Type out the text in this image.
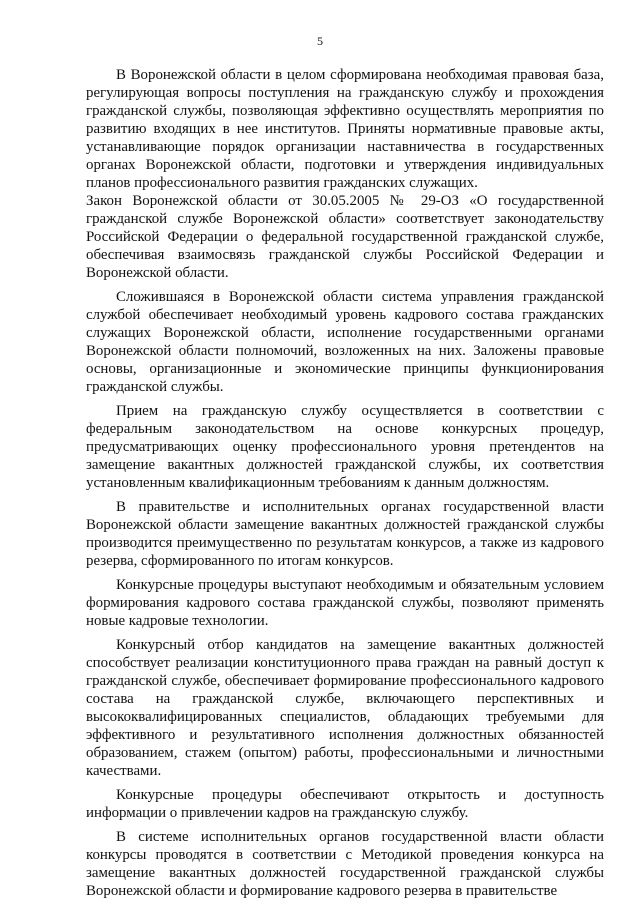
5

В Воронежской области в целом сформирована необходимая правовая база, регулирующая вопросы поступления на гражданскую службу и прохождения гражданской службы, позволяющая эффективно осуществлять мероприятия по развитию входящих в нее институтов. Приняты нормативные правовые акты, устанавливающие порядок организации наставничества в государственных органах Воронежской области, подготовки и утверждения индивидуальных планов профессионального развития гражданских служащих.

Закон Воронежской области от 30.05.2005 № 29-ОЗ «О государственной гражданской службе Воронежской области» соответствует законодательству Российской Федерации о федеральной государственной гражданской службе, обеспечивая взаимосвязь гражданской службы Российской Федерации и Воронежской области.

Сложившаяся в Воронежской области система управления гражданской службой обеспечивает необходимый уровень кадрового состава гражданских служащих Воронежской области, исполнение государственными органами Воронежской области полномочий, возложенных на них. Заложены правовые основы, организационные и экономические принципы функционирования гражданской службы.

Прием на гражданскую службу осуществляется в соответствии с федеральным законодательством на основе конкурсных процедур, предусматривающих оценку профессионального уровня претендентов на замещение вакантных должностей гражданской службы, их соответствия установленным квалификационным требованиям к данным должностям.

В правительстве и исполнительных органах государственной власти Воронежской области замещение вакантных должностей гражданской службы производится преимущественно по результатам конкурсов, а также из кадрового резерва, сформированного по итогам конкурсов.

Конкурсные процедуры выступают необходимым и обязательным условием формирования кадрового состава гражданской службы, позволяют применять новые кадровые технологии.

Конкурсный отбор кандидатов на замещение вакантных должностей способствует реализации конституционного права граждан на равный доступ к гражданской службе, обеспечивает формирование профессионального кадрового состава на гражданской службе, включающего перспективных и высококвалифицированных специалистов, обладающих требуемыми для эффективного и результативного исполнения должностных обязанностей образованием, стажем (опытом) работы, профессиональными и личностными качествами.

Конкурсные процедуры обеспечивают открытость и доступность информации о привлечении кадров на гражданскую службу.

В системе исполнительных органов государственной власти области конкурсы проводятся в соответствии с Методикой проведения конкурса на замещение вакантных должностей государственной гражданской службы Воронежской области и формирование кадрового резерва в правительстве
